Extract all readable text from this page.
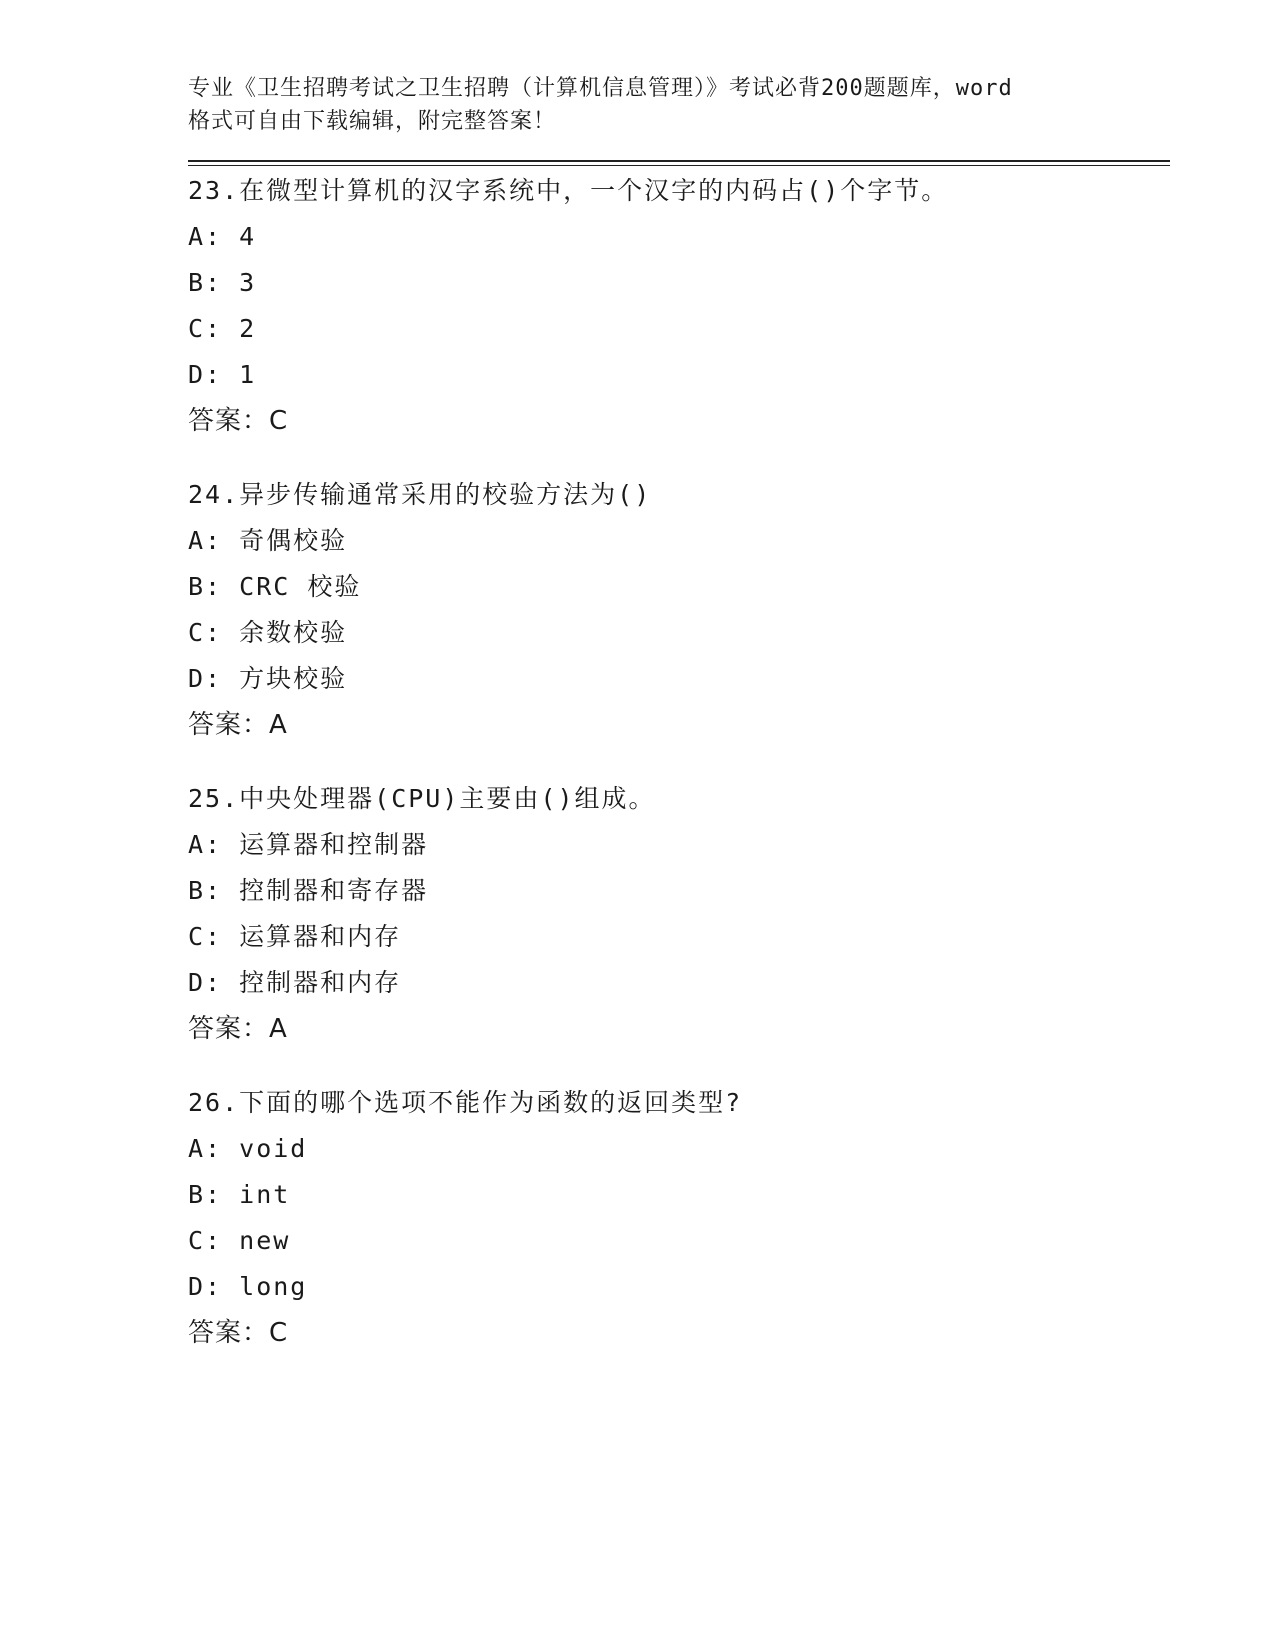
专业《卫生招聘考试之卫生招聘（计算机信息管理）》考试必背200题题库，word
格式可自由下载编辑，附完整答案！

23.在微型计算机的汉字系统中，一个汉字的内码占()个字节。
A: 4
B: 3
C: 2
D: 1
答案：C
24.异步传输通常采用的校验方法为()
A: 奇偶校验
B: CRC 校验
C: 余数校验
D: 方块校验
答案：A
25.中央处理器(CPU)主要由()组成。
A: 运算器和控制器
B: 控制器和寄存器
C: 运算器和内存
D: 控制器和内存
答案：A
26.下面的哪个选项不能作为函数的返回类型?
A: void
B: int
C: new
D: long
答案：C
